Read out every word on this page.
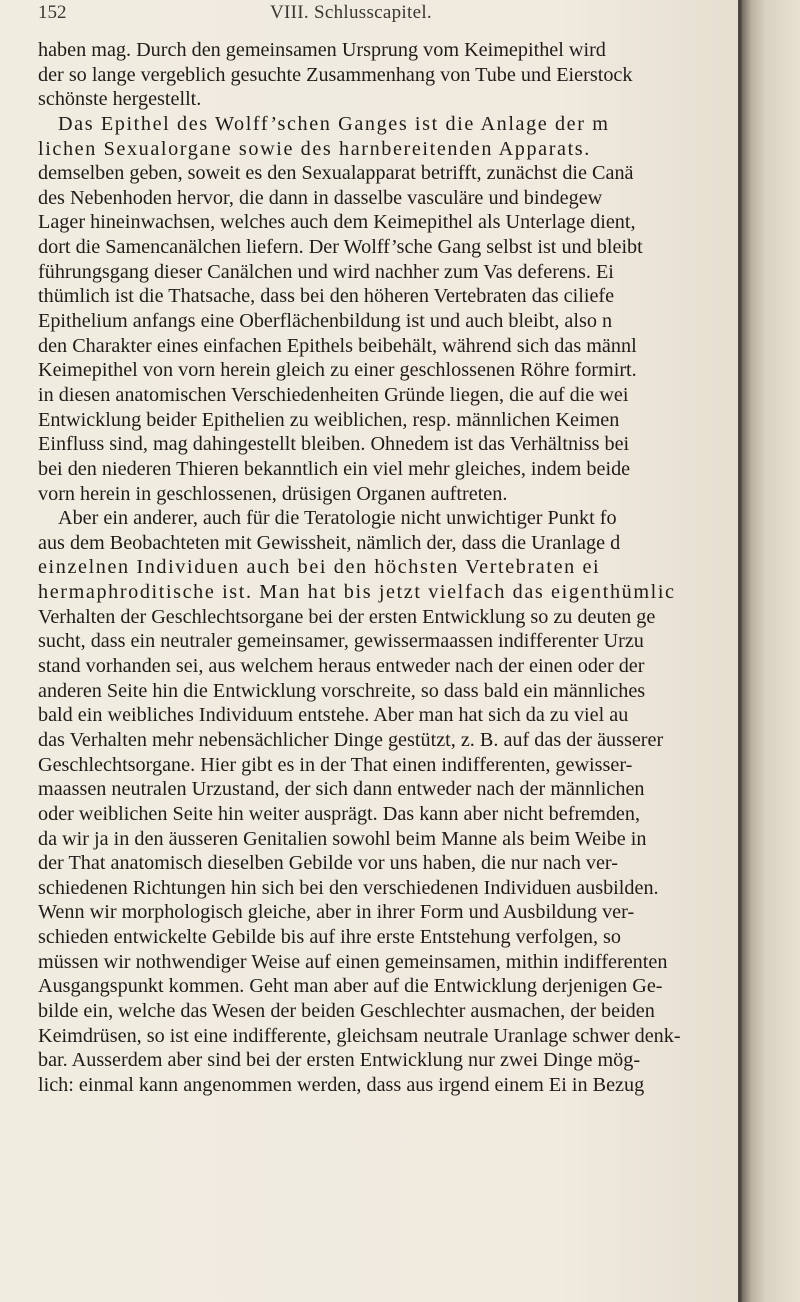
152	VIII. Schlusscapitel.
haben mag. Durch den gemeinsamen Ursprung vom Keimepithel wird
der so lange vergeblich gesuchte Zusammenhang von Tube und Eierstock
schönste hergestellt.
Das Epithel des Wolff’schen Ganges ist die Anlage der m
lichen Sexualorgane sowie des harnbereitenden Apparats.
demselben geben, soweit es den Sexualapparat betrifft, zunächst die Canä
des Nebenhoden hervor, die dann in dasselbe vasculäre und bindegew
Lager hineinwachsen, welches auch dem Keimepithel als Unterlage dient,
dort die Samencanälchen liefern. Der Wolff’sche Gang selbst ist und bleibt
führungsgang dieser Canälchen und wird nachher zum Vas deferens. Ei
thümlich ist die Thatsache, dass bei den höheren Vertebraten das ciliefe
Epithelium anfangs eine Oberflächenbildung ist und auch bleibt, also n
den Charakter eines einfachen Epithels beibehält, während sich das männl
Keimepithel von vorn herein gleich zu einer geschlossenen Röhre formirt.
in diesen anatomischen Verschiedenheiten Gründe liegen, die auf die wei
Entwicklung beider Epithelien zu weiblichen, resp. männlichen Keimen
Einfluss sind, mag dahingestellt bleiben. Ohnedem ist das Verhältniss bei
bei den niederen Thieren bekanntlich ein viel mehr gleiches, indem beide
vorn herein in geschlossenen, drüsigen Organen auftreten.
Aber ein anderer, auch für die Teratologie nicht unwichtiger Punkt fo
aus dem Beobachteten mit Gewissheit, nämlich der, dass die Uranlage d
einzelnen Individuen auch bei den höchsten Vertebraten ei
hermaphroditische ist. Man hat bis jetzt vielfach das eigenthümlic
Verhalten der Geschlechtsorgane bei der ersten Entwicklung so zu deuten ge
sucht, dass ein neutraler gemeinsamer, gewissermaassen indifferenter Urzu
stand vorhanden sei, aus welchem heraus entweder nach der einen oder der
anderen Seite hin die Entwicklung vorschreite, so dass bald ein männliches
bald ein weibliches Individuum entstehe. Aber man hat sich da zu viel au
das Verhalten mehr nebensächlicher Dinge gestützt, z. B. auf das der äusserer
Geschlechtsorgane. Hier gibt es in der That einen indifferenten, gewisser-
maassen neutralen Urzustand, der sich dann entweder nach der männlichen
oder weiblichen Seite hin weiter ausprägt. Das kann aber nicht befremden,
da wir ja in den äusseren Genitalien sowohl beim Manne als beim Weibe in
der That anatomisch dieselben Gebilde vor uns haben, die nur nach ver-
schiedenen Richtungen hin sich bei den verschiedenen Individuen ausbilden.
Wenn wir morphologisch gleiche, aber in ihrer Form und Ausbildung ver-
schieden entwickelte Gebilde bis auf ihre erste Entstehung verfolgen, so
müssen wir nothwendiger Weise auf einen gemeinsamen, mithin indifferenten
Ausgangspunkt kommen. Geht man aber auf die Entwicklung derjenigen Ge-
bilde ein, welche das Wesen der beiden Geschlechter ausmachen, der beiden
Keimdrüsen, so ist eine indifferente, gleichsam neutrale Uranlage schwer denk-
bar. Ausserdem aber sind bei der ersten Entwicklung nur zwei Dinge mög-
lich: einmal kann angenommen werden, dass aus irgend einem Ei in Bezug
